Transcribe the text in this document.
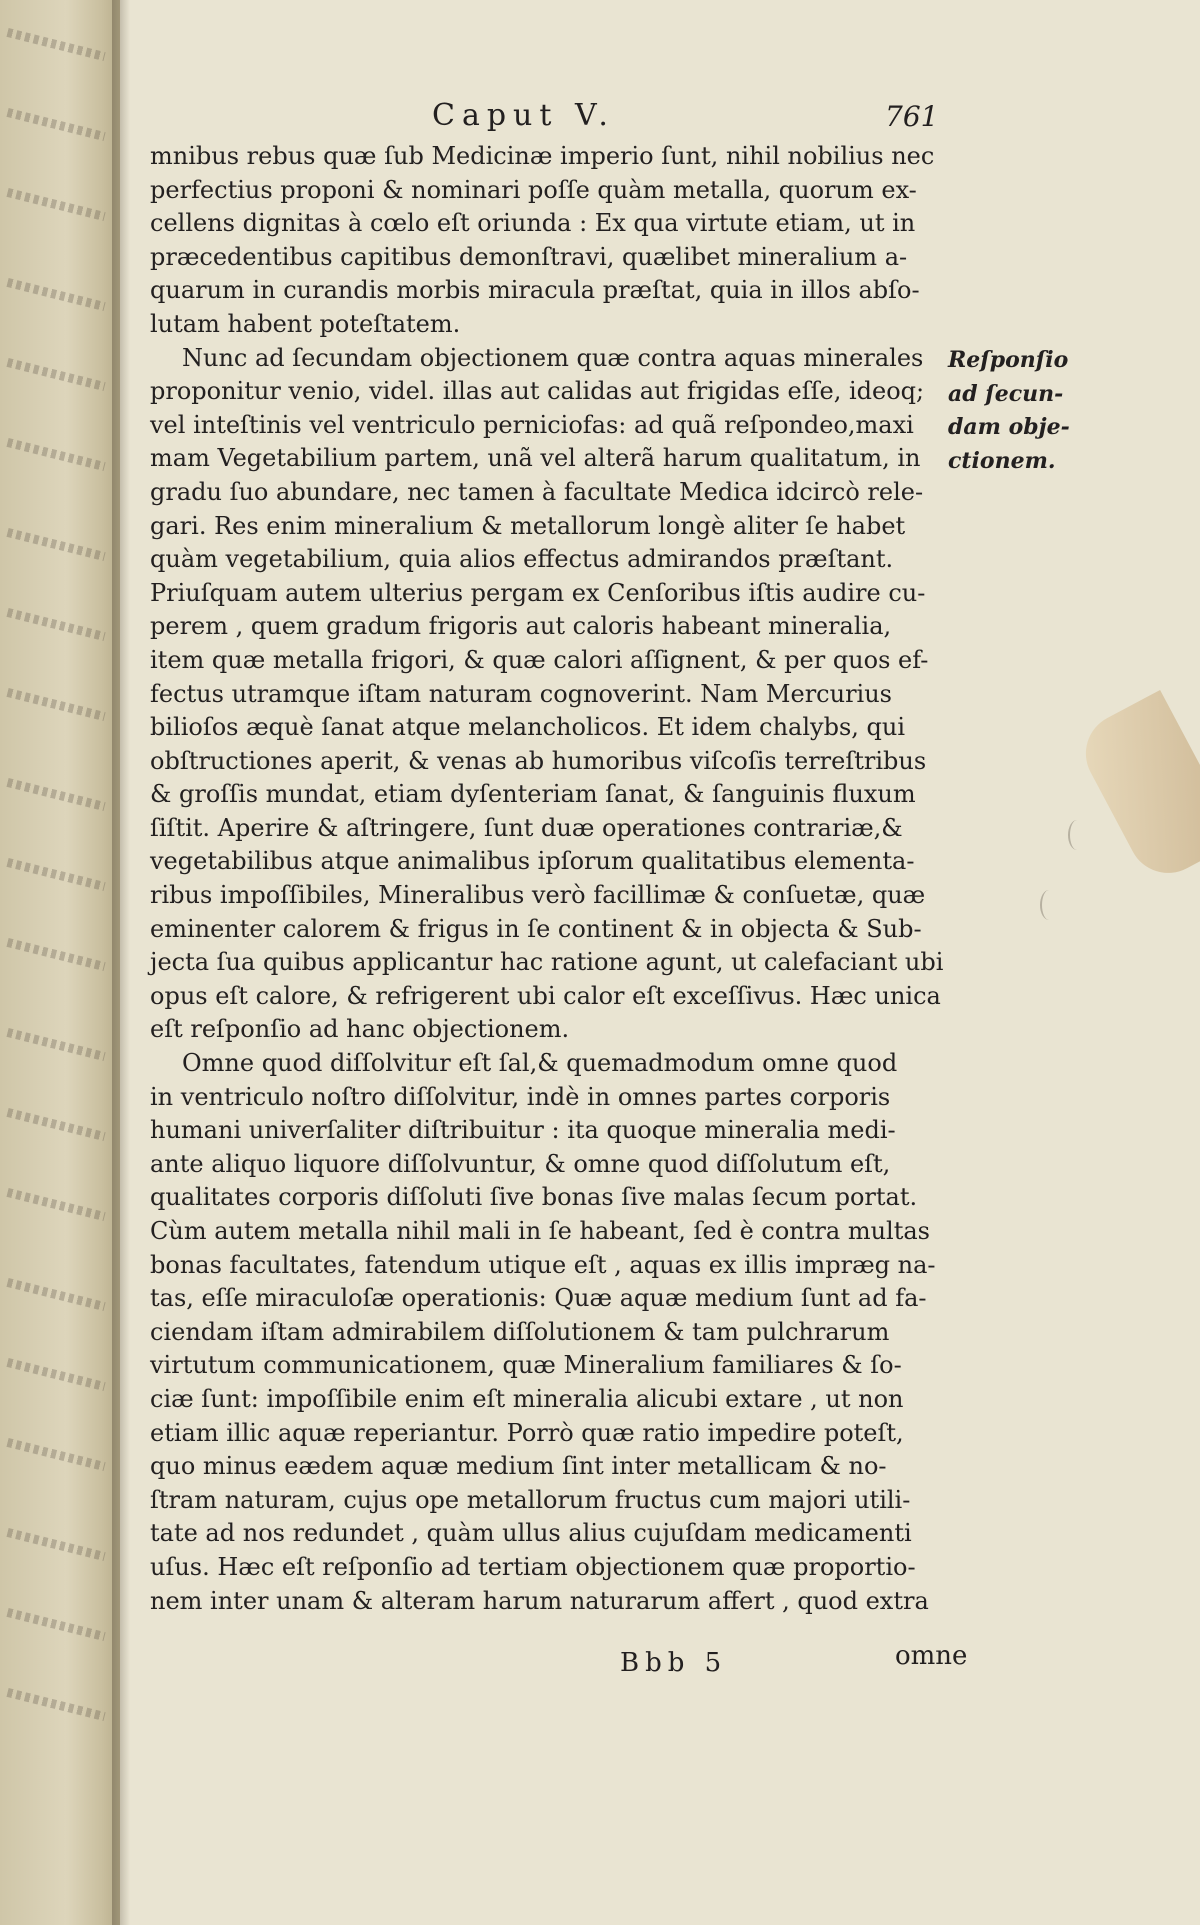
Caput V.	761
mnibus rebus quæ ſub Medicinæ imperio ſunt, nihil nobilius nec
perfectius proponi & nominari poſſe quàm metalla, quorum ex-
cellens dignitas à cœlo eſt orіunda : Ex qua virtute etiam, ut in
præcedentibus capitibus demonſtravi, quælibet mineralium a-
quarum in curandis morbis miracula præſtat, quia in illos abſo-
lutam habent poteſtatem.
Nunc ad ſecundam objectionem quæ contra aquas minerales
proponitur venio, videl. illas aut calidas aut frigidas eſſe, ideoq;
vel inteſtinis vel ventriculo perniciofas: ad quã reſpondeo,maxi
mam Vegetabilium partem, unã vel alterã harum qualitatum, in
gradu ſuo abundare, nec tamen à facultate Medica idcircò rele-
gari. Res enim mineralium & metallorum longè aliter ſe habet
quàm vegetabilium, quia alios effectus admirandos præſtant.
Priuſquam autem ulterius pergam ex Cenſoribus iſtis audire cu-
perem , quem gradum frigoris aut caloris habeant mineralia,
item quæ metalla frigori, & quæ calori aſſignent, & per quos ef-
fectus utramque iſtam naturam cognoverint. Nam Mercurius
bilioſos æquè ſanat atque melancholicos. Et idem chalybs, qui
obſtructiones aperit, & venas ab humoribus viſcoſis terreſtribus
& groſſis mundat, etiam dyſenteriam ſanat, & ſanguinis fluxum
ſiſtit. Aperire & aſtringere, ſunt duæ operationes contrariæ,&
vegetabilibus atque animalibus ipſorum qualitatibus elementa-
ribus impoſſibiles, Mineralibus verò facillimæ & conſuetæ, quæ
eminenter calorem & frigus in ſe continent & in objecta & Sub-
jecta ſua quibus applicantur hac ratione agunt, ut calefaciant ubi
opus eſt calore, & refrigerent ubi calor eſt exceſſivus. Hæc unica
eſt reſponſio ad hanc objectionem.
Omne quod diſſolvitur eſt ſal,& quemadmodum omne quod
in ventriculo noſtro diſſolvitur, indè in omnes partes corporis
humani univerſaliter diſtribuitur : ita quoque mineralia medi-
ante aliquo liquore diſſolvuntur, & omne quod diſſolutum eſt,
qualitates corporis diſſoluti ſive bonas ſive malas ſecum portat.
Cùm autem metalla nihil mali in ſe habeant, ſed è contra multas
bonas facultates, fatendum utique eſt , aquas ex illis impræg na-
tas, eſſe miraculoſæ operationis: Quæ aquæ medium ſunt ad fa-
ciendam iſtam admirabilem diſſolutionem & tam pulchrarum
virtutum communicationem, quæ Mineralium familiares & ſo-
ciæ ſunt: impoſſibile enim eſt mineralia alicubi extare , ut non
etiam illic aquæ reperiantur. Porrò quæ ratio impedire poteſt,
quo minus eædem aquæ medium ſint inter metallicam & no-
ſtram naturam, cujus ope metallorum fructus cum majori utili-
tate ad nos redundet , quàm ullus alius cujuſdam medicamenti
uſus. Hæc eſt reſponſio ad tertiam objectionem quæ proportio-
nem inter unam & alteram harum naturarum affert , quod extra
Reſponſio
ad ſecun-
dam obje-
ctionem.
Bbb 5	omne
